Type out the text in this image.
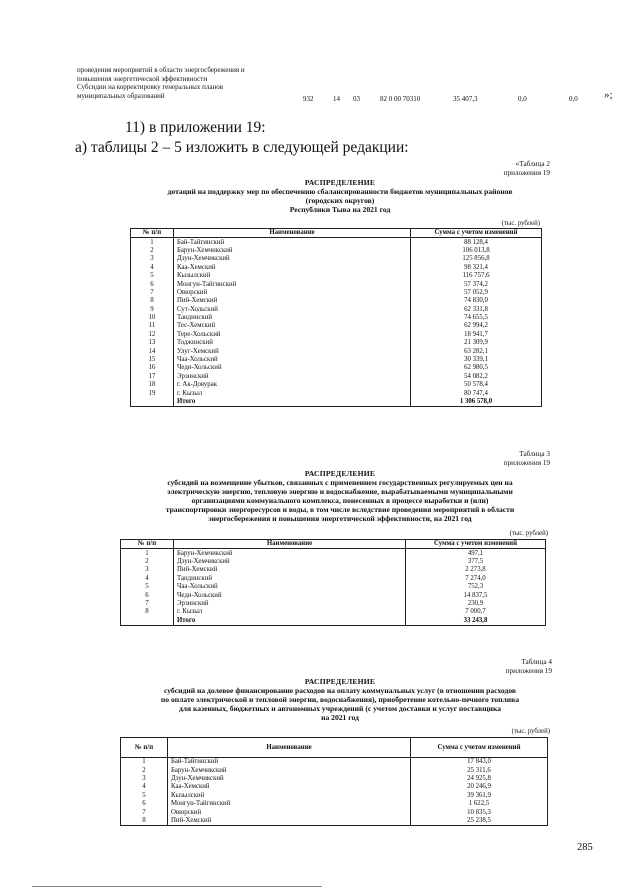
проведения мероприятий в области энергосбережения и
повышения энергетической эффективности
Субсидии на корректировку генеральных планов
муниципальных образований	932	14 03	82 0 00 70310	35 407,3	0,0	0,0 »;
11) в приложении 19:
а) таблицы 2 – 5 изложить в следующей редакции:
«Таблица 2
приложения 19
РАСПРЕДЕЛЕНИЕ
дотаций на поддержку мер по обеспечению сбалансированности бюджетов муниципальных районов
(городских округов)
Республики Тыва на 2021 год
(тыс. рублей)
№ п/п	Наименование	Сумма с учетом изменений
1	Бай-Тайгинский	88 128,4
2	Барун-Хемчикский	106 013,8
3	Дзун-Хемчикский	125 856,8
4	Каа-Хемский	98 321,4
5	Кызылский	116 757,6
6	Монгун-Тайгинский	57 374,2
7	Овюрский	57 052,9
8	Пий-Хемский	74 830,0
9	Сут-Хольский	62 331,8
10	Тандинский	74 655,5
11	Тес-Хемский	62 994,2
12	Тере-Хольский	18 941,7
13	Тоджинский	21 309,9
14	Улуг-Хемский	63 282,1
15	Чаа-Хольский	30 339,1
16	Чеди-Хольский	62 980,5
17	Эрзинский	54 082,2
18	г. Ак-Довурак	50 578,4
19	г. Кызыл	80 747,4
	Итого	1 306 578,0
Таблица 3
приложения 19
РАСПРЕДЕЛЕНИЕ
субсидий на возмещение убытков, связанных с применением государственных регулируемых цен на
электрическую энергию, тепловую энергию и водоснабжение, вырабатываемыми муниципальными
организациями коммунального комплекса, понесенных в процессе выработки и (или)
транспортировки энергоресурсов и воды, в том числе вследствие проведения мероприятий в области
энергосбережения и повышения энергетической эффективности, на 2021 год
(тыс. рублей)
№ п/п	Наименование	Сумма с учетом изменений
1	Барун-Хемчикский	497,1
2	Дзун-Хемчикский	377,5
3	Пий-Хемский	2 273,8
4	Тандинский	7 274,0
5	Чаа-Хольский	752,3
6	Чеди-Хольский	14 837,5
7	Эрзинский	230,9
8	г. Кызыл	7 000,7
	Итого	33 243,8
Таблица 4
приложения 19
РАСПРЕДЕЛЕНИЕ
субсидий на долевое финансирование расходов на оплату коммунальных услуг (в отношении расходов
по оплате электрической и тепловой энергии, водоснабжения), приобретение котельно-печного топлива
для казенных, бюджетных и автономных учреждений (с учетом доставки и услуг поставщика
на 2021 год
(тыс. рублей)
№ п/п	Наименование	Сумма с учетом изменений
1	Бай-Тайгинский	17 843,0
2	Барун-Хемчикский	25 311,6
3	Дзун-Хемчикский	24 925,8
4	Каа-Хемский	20 246,9
5	Кызылский	39 361,9
6	Монгун-Тайгинский	1 622,5
7	Овюрский	10 835,3
8	Пий-Хемский	25 238,5
285
